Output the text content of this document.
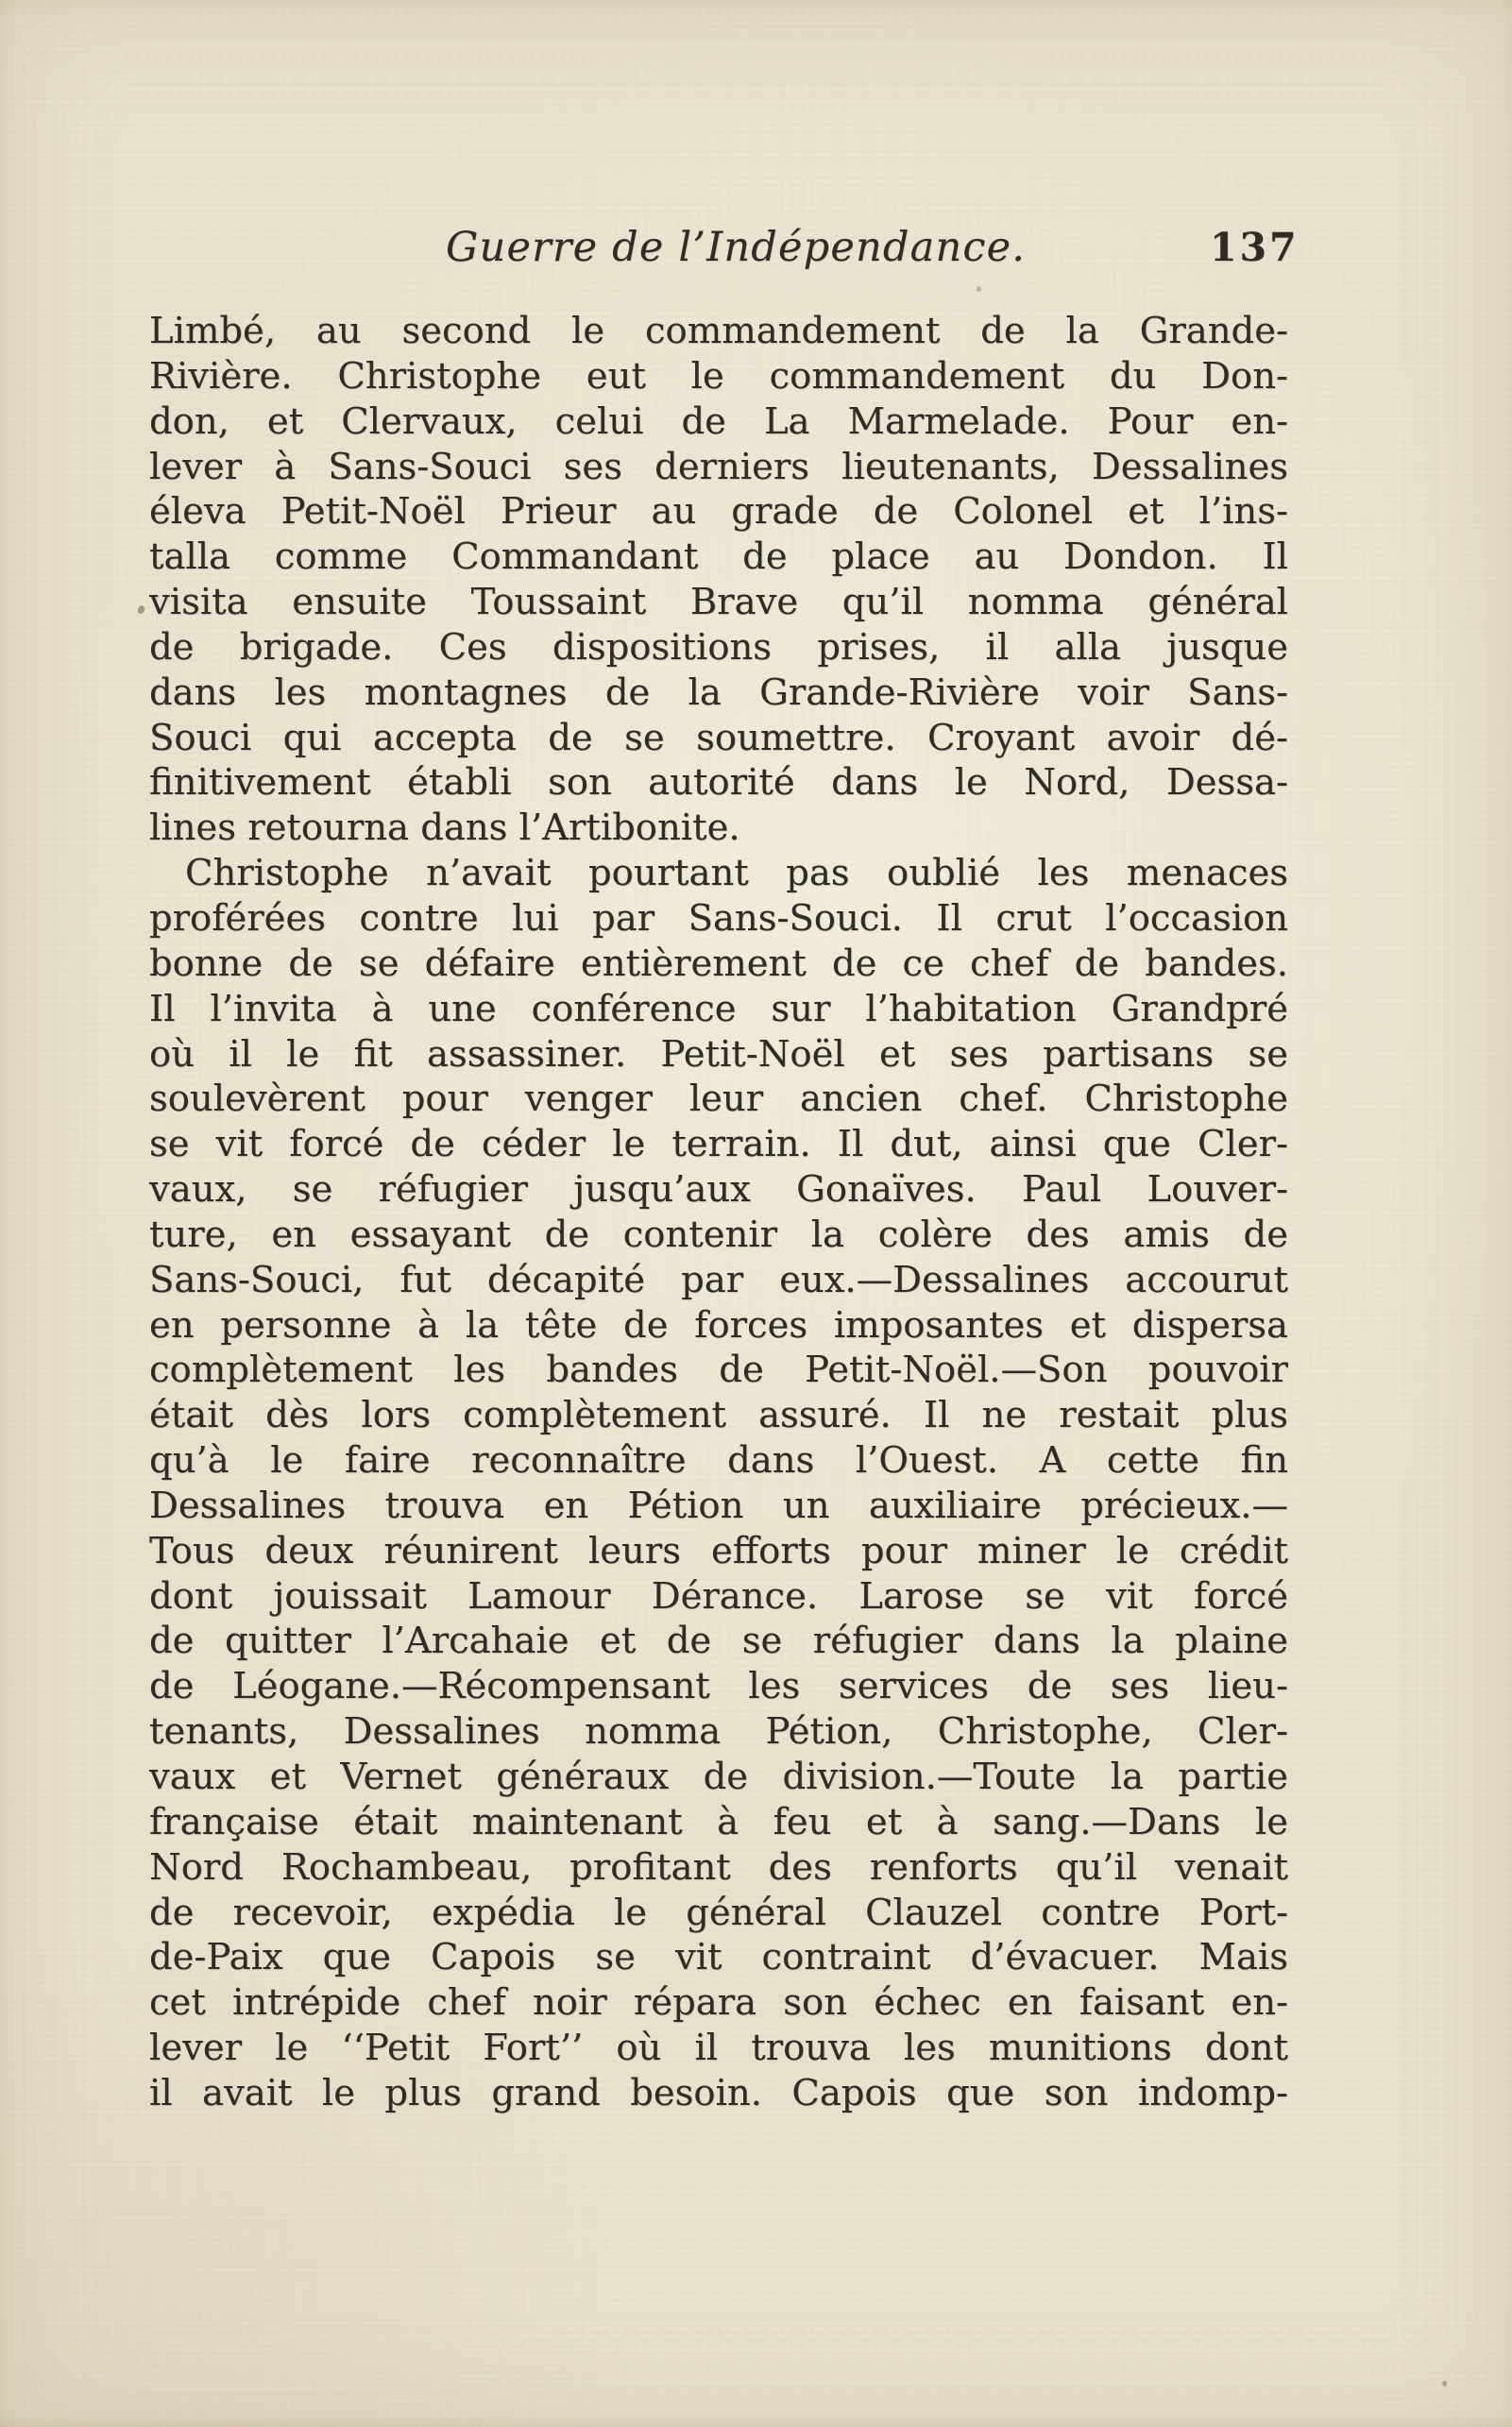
Guerre de l’Indépendance.	137
Limbé, au second le commandement de la Grande-
Rivière. Christophe eut le commandement du Don-
don, et Clervaux, celui de La Marmelade. Pour en-
lever à Sans-Souci ses derniers lieutenants, Dessalines
éleva Petit-Noël Prieur au grade de Colonel et l’ins-
talla comme Commandant de place au Dondon. Il
visita ensuite Toussaint Brave qu’il nomma général
de brigade. Ces dispositions prises, il alla jusque
dans les montagnes de la Grande-Rivière voir Sans-
Souci qui accepta de se soumettre. Croyant avoir dé-
finitivement établi son autorité dans le Nord, Dessa-
lines retourna dans l’Artibonite.
Christophe n’avait pourtant pas oublié les menaces
proférées contre lui par Sans-Souci. Il crut l’occasion
bonne de se défaire entièrement de ce chef de bandes.
Il l’invita à une conférence sur l’habitation Grandpré
où il le fit assassiner. Petit-Noël et ses partisans se
soulevèrent pour venger leur ancien chef. Christophe
se vit forcé de céder le terrain. Il dut, ainsi que Cler-
vaux, se réfugier jusqu’aux Gonaïves. Paul Louver-
ture, en essayant de contenir la colère des amis de
Sans-Souci, fut décapité par eux.—Dessalines accourut
en personne à la tête de forces imposantes et dispersa
complètement les bandes de Petit-Noël.—Son pouvoir
était dès lors complètement assuré. Il ne restait plus
qu’à le faire reconnaître dans l’Ouest. A cette fin
Dessalines trouva en Pétion un auxiliaire précieux.—
Tous deux réunirent leurs efforts pour miner le crédit
dont jouissait Lamour Dérance. Larose se vit forcé
de quitter l’Arcahaie et de se réfugier dans la plaine
de Léogane.—Récompensant les services de ses lieu-
tenants, Dessalines nomma Pétion, Christophe, Cler-
vaux et Vernet généraux de division.—Toute la partie
française était maintenant à feu et à sang.—Dans le
Nord Rochambeau, profitant des renforts qu’il venait
de recevoir, expédia le général Clauzel contre Port-
de-Paix que Capois se vit contraint d’évacuer. Mais
cet intrépide chef noir répara son échec en faisant en-
lever le ‘‘Petit Fort’’ où il trouva les munitions dont
il avait le plus grand besoin. Capois que son indomp-
